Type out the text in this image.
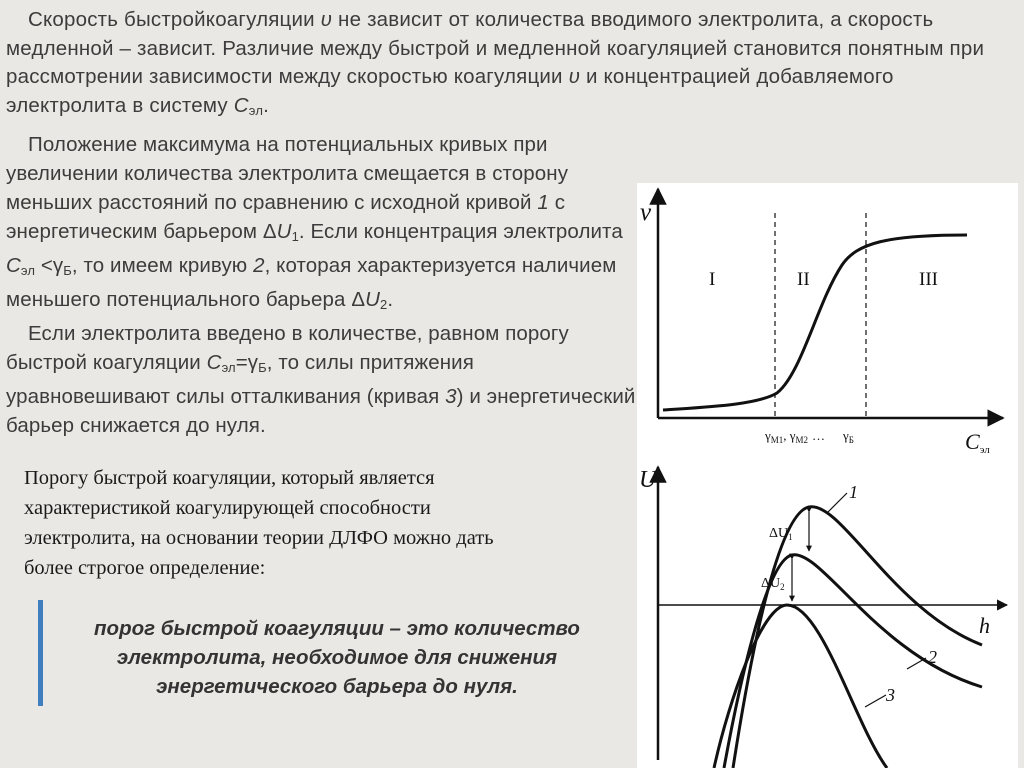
Скорость быстройкоагуляции υ не зависит от количества вводимого электролита, а скорость медленной – зависит. Различие между быстрой и медленной коагуляцией становится понятным при рассмотрении зависимости между скоростью коагуляции υ и концентрацией добавляемого электролита в систему $С_{эл}$.
Положение максимума на потенциальных кривых при увеличении количества электролита смещается в сторону меньших расстояний по сравнению с исходной кривой 1 с энергетическим барьером $\Delta U_1$. Если концентрация электролита $C_{эл} <\gamma_Б$, то имеем кривую 2, которая характеризуется наличием меньшего потенциального барьера $\Delta U_2$.
Если электролита введено в количестве, равном порогу быстрой коагуляции $C_{эл}=\gamma_Б$, то силы притяжения уравновешивают силы отталкивания (кривая 3) и энергетический барьер снижается до нуля.
Порогу быстрой коагуляции, который является характеристикой коагулирующей способности электролита, на основании теории ДЛФО можно дать более строгое определение:
порог быстрой коагуляции – это количество электролита, необходимое для снижения энергетического барьера до нуля.
v
I	II	III
$\gamma_{M1}$, $\gamma_{M2}$ … $\gamma_Б$	Cэл
U
h
1
2
3
$\Delta U_1$
$\Delta U_2$
